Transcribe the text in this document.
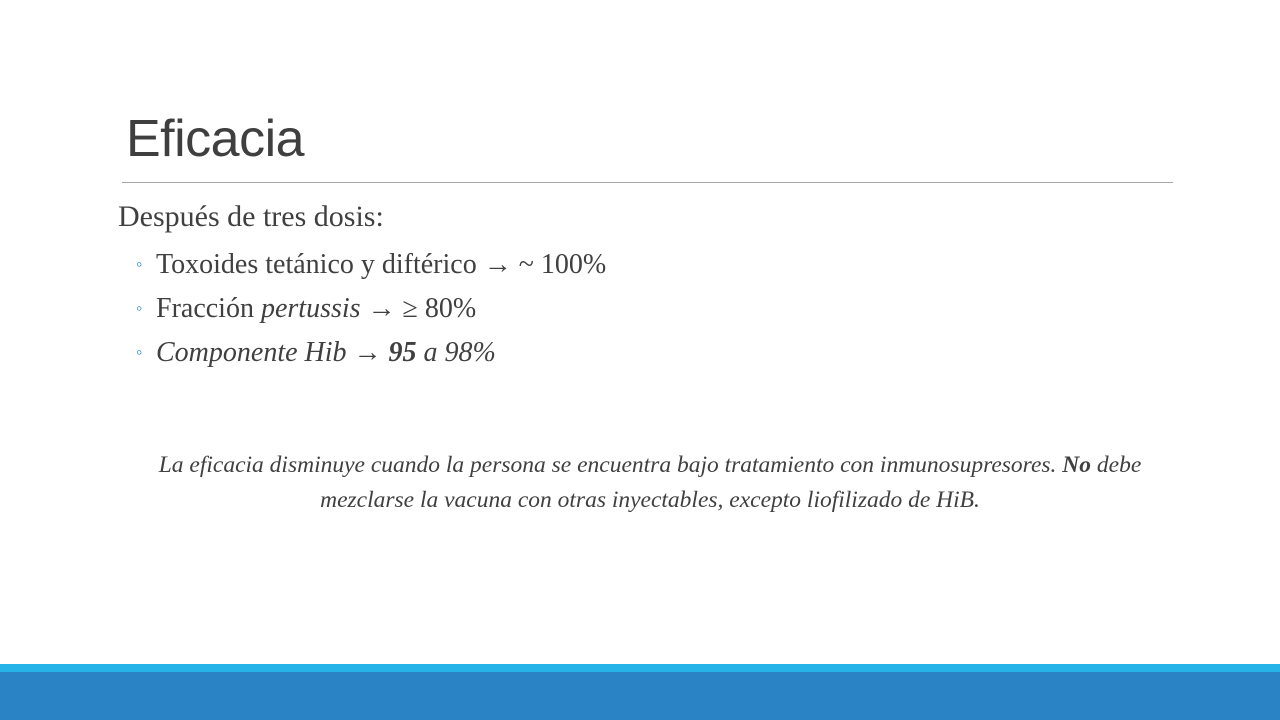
Eficacia
Después de tres dosis:
◦ Toxoides tetánico y diftérico → ~ 100%
◦ Fracción pertussis → ≥ 80%
◦ Componente Hib → 95 a 98%
La eficacia disminuye cuando la persona se encuentra bajo tratamiento con inmunosupresores. No debe mezclarse la vacuna con otras inyectables, excepto liofilizado de HiB.
